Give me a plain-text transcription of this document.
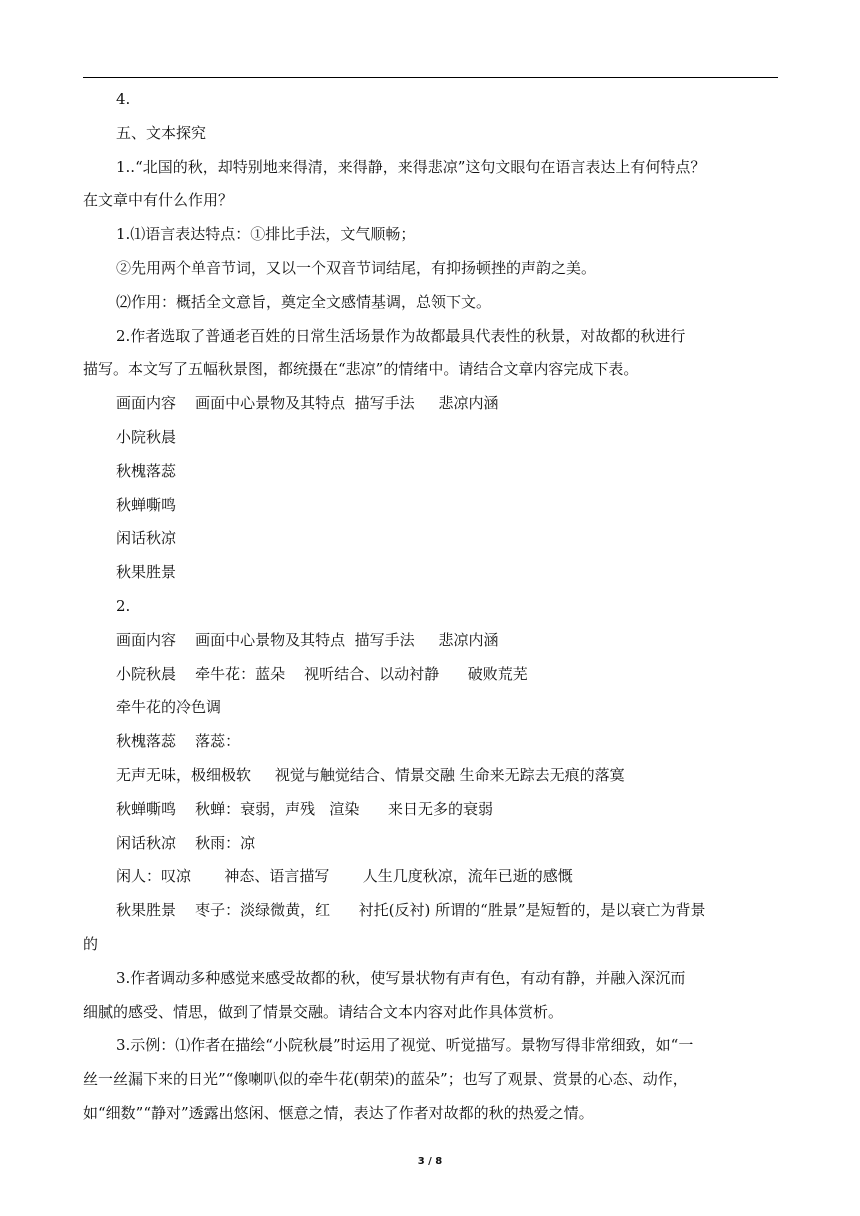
4.
五、文本探究
1..“北国的秋，却特别地来得清，来得静，来得悲凉”这句文眼句在语言表达上有何特点？
在文章中有什么作用？
1.⑴语言表达特点：①排比手法，文气顺畅；
②先用两个单音节词，又以一个双音节词结尾，有抑扬顿挫的声韵之美。
⑵作用：概括全文意旨，奠定全文感情基调，总领下文。
2.作者选取了普通老百姓的日常生活场景作为故都最具代表性的秋景，对故都的秋进行
描写。本文写了五幅秋景图，都统摄在“悲凉”的情绪中。请结合文章内容完成下表。
画面内容    画面中心景物及其特点  描写手法     悲凉内涵
小院秋晨
秋槐落蕊
秋蝉嘶鸣
闲话秋凉
秋果胜景
2.
画面内容    画面中心景物及其特点  描写手法     悲凉内涵
小院秋晨    牵牛花：蓝朵    视听结合、以动衬静      破败荒芜
牵牛花的冷色调
秋槐落蕊    落蕊：
无声无味，极细极软     视觉与触觉结合、情景交融 生命来无踪去无痕的落寞
秋蝉嘶鸣    秋蝉：衰弱，声残   渲染      来日无多的衰弱
闲话秋凉    秋雨：凉
闲人：叹凉       神态、语言描写       人生几度秋凉，流年已逝的感慨
秋果胜景    枣子：淡绿微黄，红      衬托(反衬) 所谓的“胜景”是短暂的，是以衰亡为背景
的
3.作者调动多种感觉来感受故都的秋，使写景状物有声有色，有动有静，并融入深沉而
细腻的感受、情思，做到了情景交融。请结合文本内容对此作具体赏析。
3.示例：⑴作者在描绘“小院秋晨”时运用了视觉、听觉描写。景物写得非常细致，如“一
丝一丝漏下来的日光”“像喇叭似的牵牛花(朝荣)的蓝朵”；也写了观景、赏景的心态、动作，
如“细数”“静对”透露出悠闲、惬意之情，表达了作者对故都的秋的热爱之情。
3 / 8
